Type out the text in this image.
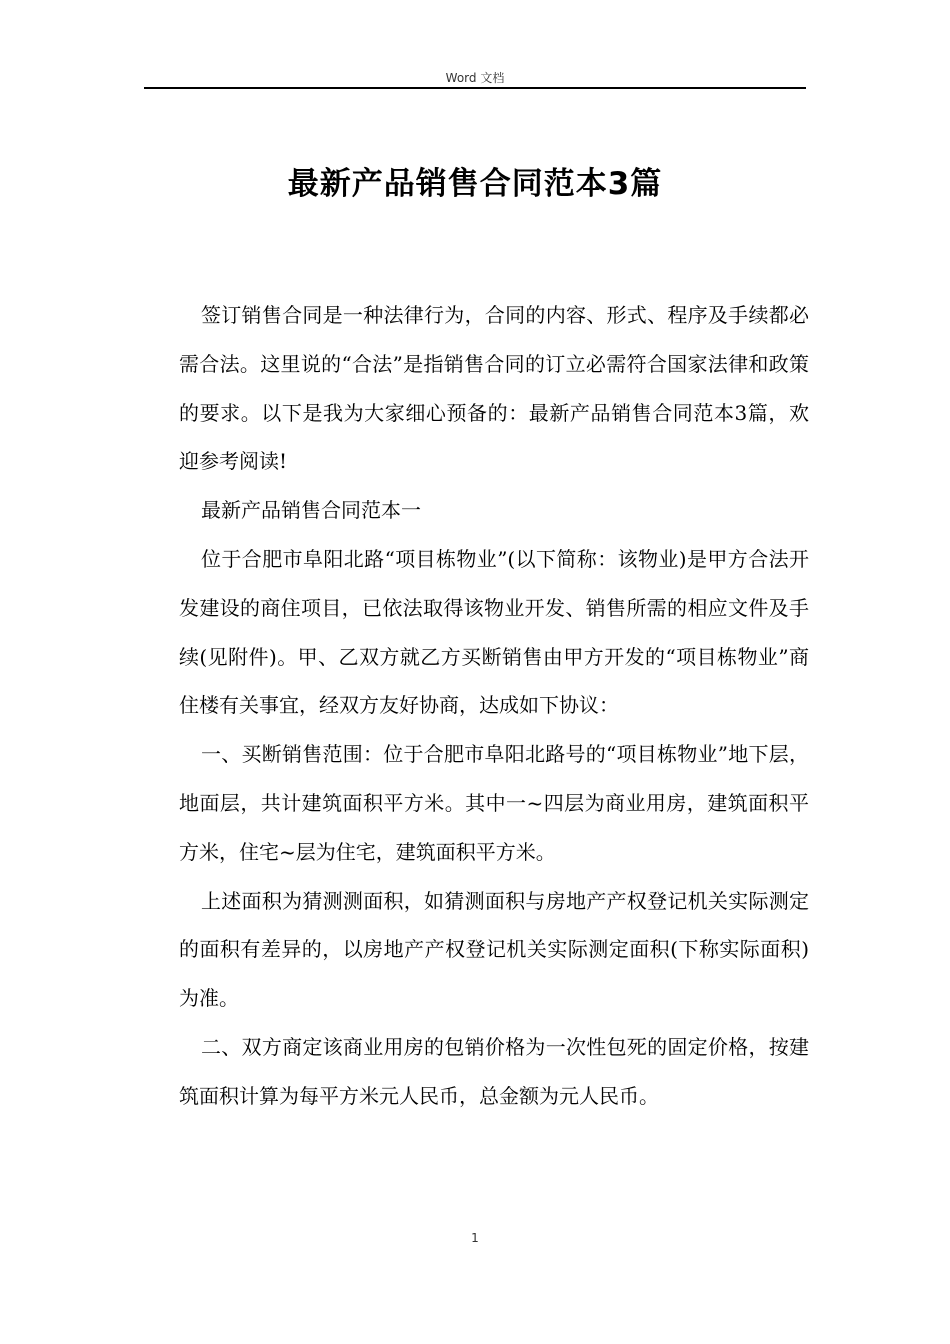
Word 文档
最新产品销售合同范本3篇

签订销售合同是一种法律行为，合同的内容、形式、程序及手续都必需合法。这里说的“合法”是指销售合同的订立必需符合国家法律和政策的要求。以下是我为大家细心预备的：最新产品销售合同范本3篇，欢迎参考阅读!

最新产品销售合同范本一

位于合肥市阜阳北路“项目栋物业”(以下简称：该物业)是甲方合法开发建设的商住项目，已依法取得该物业开发、销售所需的相应文件及手续(见附件)。甲、乙双方就乙方买断销售由甲方开发的“项目栋物业”商住楼有关事宜，经双方友好协商，达成如下协议：

一、买断销售范围：位于合肥市阜阳北路号的“项目栋物业”地下层，地面层，共计建筑面积平方米。其中一~四层为商业用房，建筑面积平方米，住宅~层为住宅，建筑面积平方米。

上述面积为猜测测面积，如猜测面积与房地产产权登记机关实际测定的面积有差异的，以房地产产权登记机关实际测定面积(下称实际面积)为准。

二、双方商定该商业用房的包销价格为一次性包死的固定价格，按建筑面积计算为每平方米元人民币，总金额为元人民币。

1
